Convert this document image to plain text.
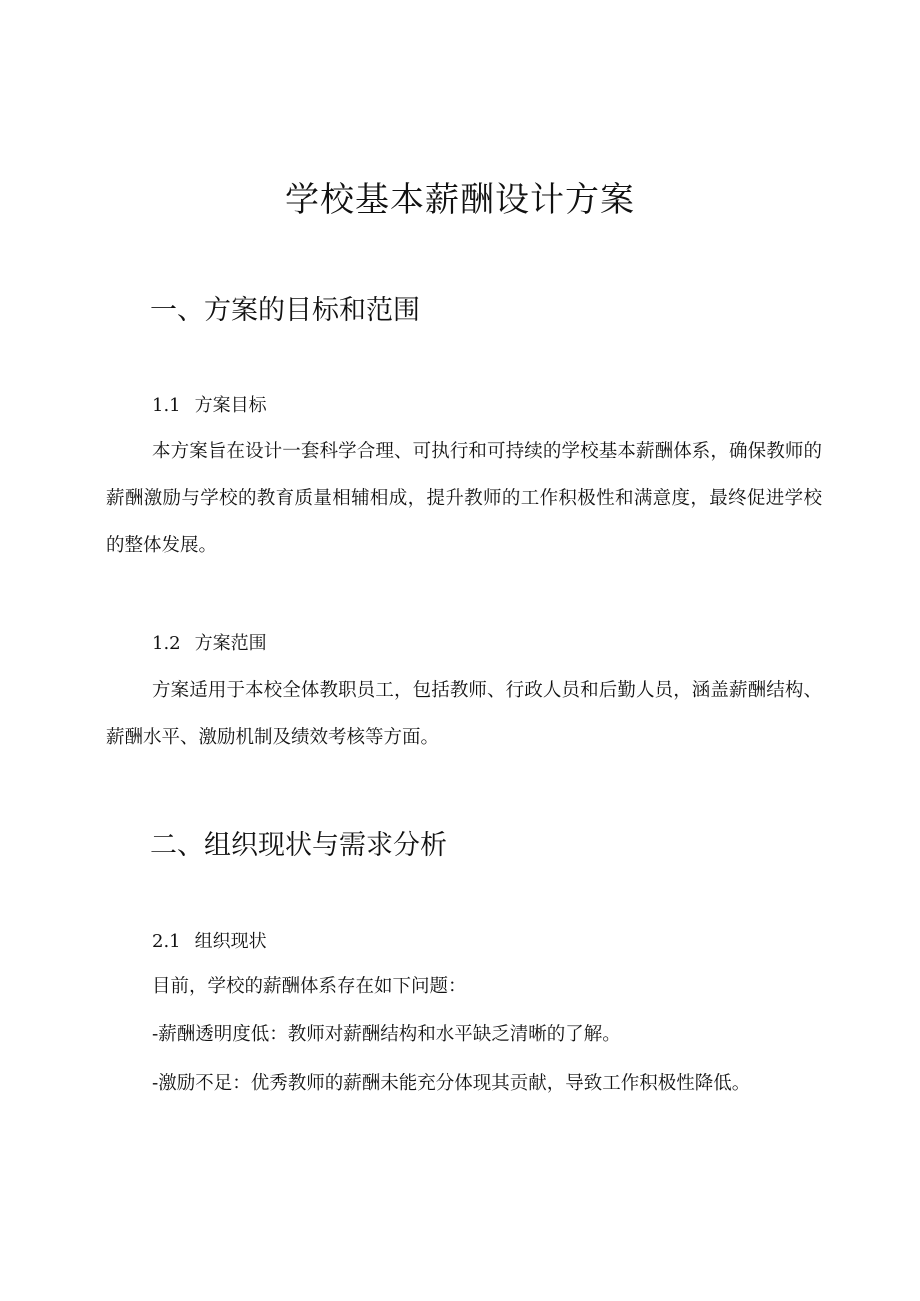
学校基本薪酬设计方案
一、方案的目标和范围
1.1 方案目标
本方案旨在设计一套科学合理、可执行和可持续的学校基本薪酬体系，确保教师的薪酬激励与学校的教育质量相辅相成，提升教师的工作积极性和满意度，最终促进学校的整体发展。
1.2 方案范围
方案适用于本校全体教职员工，包括教师、行政人员和后勤人员，涵盖薪酬结构、薪酬水平、激励机制及绩效考核等方面。
二、组织现状与需求分析
2.1 组织现状
目前，学校的薪酬体系存在如下问题：
-薪酬透明度低：教师对薪酬结构和水平缺乏清晰的了解。
-激励不足：优秀教师的薪酬未能充分体现其贡献，导致工作积极性降低。
